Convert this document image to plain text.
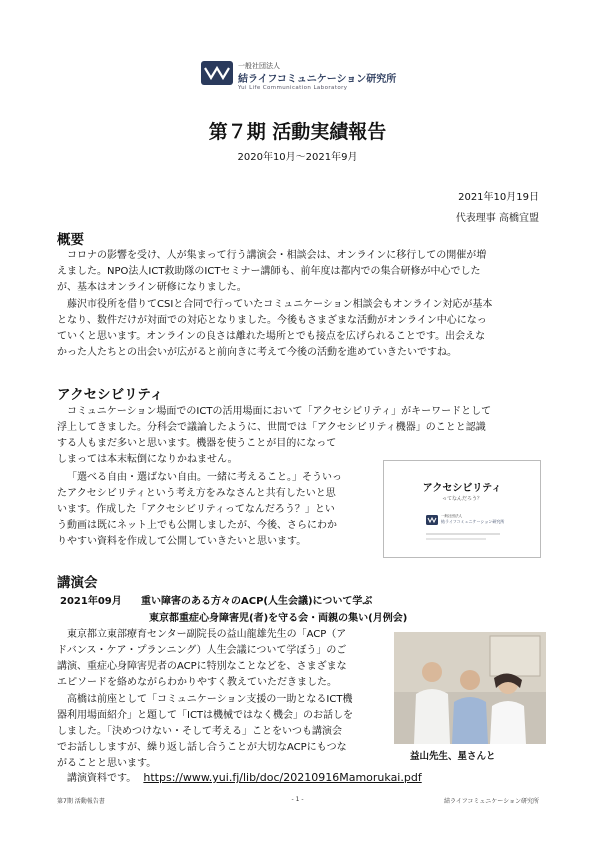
一般社団法人
結ライフコミュニケーション研究所
Yui Life Communication Laboratory
第７期 活動実績報告
2020年10月〜2021年9月
2021年10月19日
代表理事 高橋宜盟
概要
コロナの影響を受け、人が集まって行う講演会・相談会は、オンラインに移行しての開催が増
えました。NPO法人ICT救助隊のICTセミナー講師も、前年度は都内での集合研修が中心でした
が、基本はオンライン研修になりました。
藤沢市役所を借りてCSIと合同で行っていたコミュニケーション相談会もオンライン対応が基本
となり、数件だけが対面での対応となりました。今後もさまざまな活動がオンライン中心になっ
ていくと思います。オンラインの良さは離れた場所とでも接点を広げられることです。出会えな
かった人たちとの出会いが広がると前向きに考えて今後の活動を進めていきたいですね。
アクセシビリティ
コミュニケーション場面でのICTの活用場面において「アクセシビリティ」がキーワードとして
浮上してきました。分科会で議論したように、世間では「アクセシビリティ機器」のことと認識
する人もまだ多いと思います。機器を使うことが目的になって
しまっては本末転倒になりかねません。
「選べる自由・選ばない自由。一緒に考えること。」そういっ
たアクセシビリティという考え方をみなさんと共有したいと思
います。作成した「アクセシビリティってなんだろう？」とい
う動画は既にネット上でも公開しましたが、今後、さらにわか
りやすい資料を作成して公開していきたいと思います。
アクセシビリティ
ってなんだろう？
一般社団法人
結ライフコミュニケーション研究所
講演会
2021年09月 重い障害のある方々のACP(人生会議)について学ぶ
東京都重症心身障害児(者)を守る会・両親の集い(月例会)
東京都立東部療育センター副院長の益山龍雄先生の「ACP（ア
ドバンス・ケア・プランニング）人生会議について学ぼう」のご
講演、重症心身障害児者のACPに特別なことなどを、さまざまな
エピソードを絡めながらわかりやすく教えていただきました。
高橋は前座として「コミュニケーション支援の一助となるICT機
器利用場面紹介」と題して「ICTは機械ではなく機会」のお話しを
しました。「決めつけない・そして考える」ことをいつも講演会
でお話ししますが、繰り返し話し合うことが大切なACPにもつな
がることと思います。
益山先生、星さんと
講演資料です。 https://www.yui.fj/lib/doc/20210916Mamorukai.pdf
第7期 活動報告書	- 1 -	結ライフコミュニケーション研究所
